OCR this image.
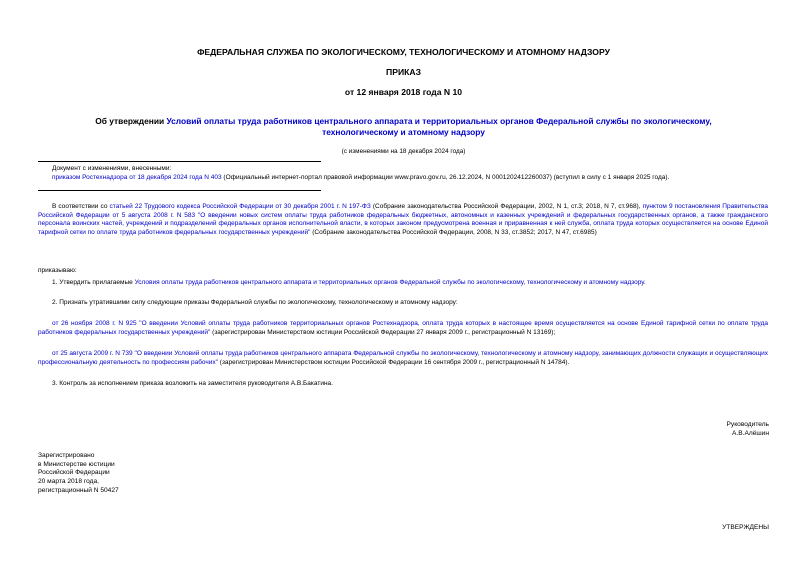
ФЕДЕРАЛЬНАЯ СЛУЖБА ПО ЭКОЛОГИЧЕСКОМУ, ТЕХНОЛОГИЧЕСКОМУ И АТОМНОМУ НАДЗОРУ
ПРИКАЗ
от 12 января 2018 года N 10
Об утверждении Условий оплаты труда работников центрального аппарата и территориальных органов Федеральной службы по экологическому, технологическому и атомному надзору
(с изменениями на 18 декабря 2024 года)
Документ с изменениями, внесенными:
приказом Ростехнадзора от 18 декабря 2024 года N 403 (Официальный интернет-портал правовой информации www.pravo.gov.ru, 26.12.2024, N 0001202412260037) (вступил в силу с 1 января 2025 года).
В соответствии со статьей 22 Трудового кодекса Российской Федерации от 30 декабря 2001 г. N 197-ФЗ (Собрание законодательства Российской Федерации, 2002, N 1, ст.3; 2018, N 7, ст.968), пунктом 9 постановления Правительства Российской Федерации от 5 августа 2008 г. N 583 "О введении новых систем оплаты труда работников федеральных бюджетных, автономных и казенных учреждений и федеральных государственных органов, а также гражданского персонала воинских частей, учреждений и подразделений федеральных органов исполнительной власти, в которых законом предусмотрена военная и приравненная к ней служба, оплата труда которых осуществляется на основе Единой тарифной сетки по оплате труда работников федеральных государственных учреждений" (Собрание законодательства Российской Федерации, 2008, N 33, ст.3852; 2017, N 47, ст.6985)
приказываю:
1. Утвердить прилагаемые Условия оплаты труда работников центрального аппарата и территориальных органов Федеральной службы по экологическому, технологическому и атомному надзору.
2. Признать утратившими силу следующие приказы Федеральной службы по экологическому, технологическому и атомному надзору:
от 26 ноября 2008 г. N 925 "О введении Условий оплаты труда работников территориальных органов Ростехнадзора, оплата труда которых в настоящее время осуществляется на основе Единой тарифной сетки по оплате труда работников федеральных государственных учреждений" (зарегистрирован Министерством юстиции Российской Федерации 27 января 2009 г., регистрационный N 13169);
от 25 августа 2009 г. N 739 "О введении Условий оплаты труда работников центрального аппарата Федеральной службы по экологическому, технологическому и атомному надзору, занимающих должности служащих и осуществляющих профессиональную деятельность по профессиям рабочих" (зарегистрирован Министерством юстиции Российской Федерации 16 сентября 2009 г., регистрационный N 14784).
3. Контроль за исполнением приказа возложить на заместителя руководителя А.В.Бакатина.
Руководитель
А.В.Алёшин
Зарегистрировано
в Министерстве юстиции
Российской Федерации
20 марта 2018 года,
регистрационный N 50427
УТВЕРЖДЕНЫ
